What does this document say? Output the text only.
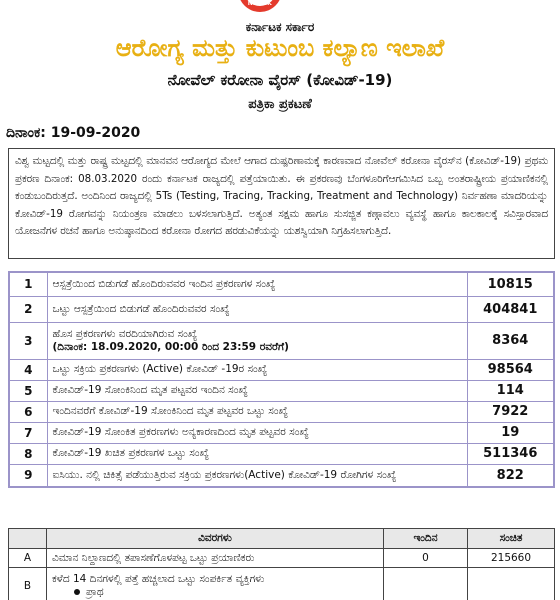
NATAK
ಕರ್ನಾಟಕ ಸರ್ಕಾರ
ಆರೋಗ್ಯ ಮತ್ತು ಕುಟುಂಬ ಕಲ್ಯಾಣ ಇಲಾಖೆ
ನೋವೆಲ್ ಕರೋನಾ ವೈರಸ್ (ಕೋವಿಡ್-19)
ಪತ್ರಿಕಾ ಪ್ರಕಟಣೆ
ದಿನಾಂಕ: 19-09-2020
ವಿಶ್ವ ಮಟ್ಟದಲ್ಲಿ ಮತ್ತು ರಾಷ್ಟ್ರ ಮಟ್ಟದಲ್ಲಿ ಮಾನವನ ಆರೋಗ್ಯದ ಮೇಲೆ ಆಗಾದ ದುಷ್ಪರಿಣಾಮಕ್ಕೆ ಕಾರಣವಾದ ನೋವೆಲ್ ಕರೋನಾ ವೈರಸ್‌ನ (ಕೋವಿಡ್-19) ಪ್ರಥಮ ಪ್ರಕರಣ ದಿನಾಂಕ: 08.03.2020 ರಂದು ಕರ್ನಾಟಕ ರಾಜ್ಯದಲ್ಲಿ ಪತ್ತೆಯಾಯಿತು. ಈ ಪ್ರಕರಣವು ಬೆಂಗಳೂರಿಗೆಆಗಮಿಸಿದ ಒಬ್ಬ ಅಂತರಾಷ್ಟ್ರೀಯ ಪ್ರಯಾಣಿಕನಲ್ಲಿ ಕಂಡುಬಂದಿರುತ್ತದೆ. ಅಂದಿನಿಂದ ರಾಜ್ಯದಲ್ಲಿ 5Ts (Testing, Tracing, Tracking, Treatment and Technology) ನಿರ್ವಹಣಾ ಮಾದರಿಯನ್ನು ಕೋವಿಡ್-19 ರೋಗವನ್ನು ನಿಯಂತ್ರಣ ಮಾಡಲು ಬಳಸಲಾಗುತ್ತಿದೆ. ಅತ್ಯಂತ ಸಕ್ಷಮ ಹಾಗೂ ಸುಸಜ್ಜಿತ ಕಣ್ಗಾವಲು ವ್ಯವಸ್ಥೆ ಹಾಗೂ ಕಾಲಕಾಲಕ್ಕೆ ಸವಿಸ್ತಾರವಾದ ಯೋಜನೆಗಳ ರಚನೆ ಹಾಗೂ ಅನುಷ್ಠಾನದಿಂದ ಕರೋನಾ ರೋಗದ ಹರಡುವಿಕೆಯನ್ನು ಯಶಸ್ವಿಯಾಗಿ ನಿಗ್ರಹಿಸಲಾಗುತ್ತಿದೆ.
1	ಆಸ್ಪತ್ರೆಯಿಂದ ಬಿಡುಗಡೆ ಹೊಂದಿರುವವರ ಇಂದಿನ ಪ್ರಕರಣಗಳ ಸಂಖ್ಯೆ	10815
2	ಒಟ್ಟು ಆಸ್ಪತ್ರೆಯಿಂದ ಬಿಡುಗಡೆ ಹೊಂದಿರುವವರ ಸಂಖ್ಯೆ	404841
3	ಹೊಸ ಪ್ರಕರಣಗಳು ವರದಿಯಾಗಿರುವ ಸಂಖ್ಯೆ
(ದಿನಾಂಕ: 18.09.2020, 00:00 ರಿಂದ 23:59 ರವರೆಗೆ)	8364
4	ಒಟ್ಟು ಸಕ್ರಿಯ ಪ್ರಕರಣಗಳು (Active) ಕೋವಿಡ್ -19ರ ಸಂಖ್ಯೆ	98564
5	ಕೋವಿಡ್-19 ಸೋಂಕಿನಿಂದ ಮೃತ ಪಟ್ಟವರ ಇಂದಿನ ಸಂಖ್ಯೆ	114
6	ಇಂದಿನವರೆಗೆ ಕೋವಿಡ್-19 ಸೋಂಕಿನಿಂದ ಮೃತ ಪಟ್ಟವರ ಒಟ್ಟು ಸಂಖ್ಯೆ	7922
7	ಕೋವಿಡ್-19 ಸೋಂಕಿತ ಪ್ರಕರಣಗಳು ಅನ್ಯಕಾರಣದಿಂದ ಮೃತ ಪಟ್ಟವರ ಸಂಖ್ಯೆ	19
8	ಕೋವಿಡ್-19 ಖಚಿತ ಪ್ರಕರಣಗಳ ಒಟ್ಟು ಸಂಖ್ಯೆ	511346
9	ಐಸಿಯು. ನಲ್ಲಿ ಚಿಕಿತ್ಸೆ ಪಡೆಯುತ್ತಿರುವ ಸಕ್ರಿಯ ಪ್ರಕರಣಗಳು(Active) ಕೋವಿಡ್-19 ರೋಗಿಗಳ ಸಂಖ್ಯೆ	822
	ವಿವರಗಳು	ಇಂದಿನ	ಸಂಚಿತ
A	ವಿಮಾನ ನಿಲ್ದಾಣದಲ್ಲಿ ತಪಾಸಣೆಗೊಳಪಟ್ಟ ಒಟ್ಟು ಪ್ರಯಾಣಿಕರು	0	215660
B	ಕಳೆದ 14 ದಿನಗಳಲ್ಲಿ ಪತ್ತೆ ಹಚ್ಚಲಾದ ಒಟ್ಟು ಸಂಪರ್ಕಿತ ವ್ಯಕ್ತಿಗಳು
ಪ್ರಾಥ		
